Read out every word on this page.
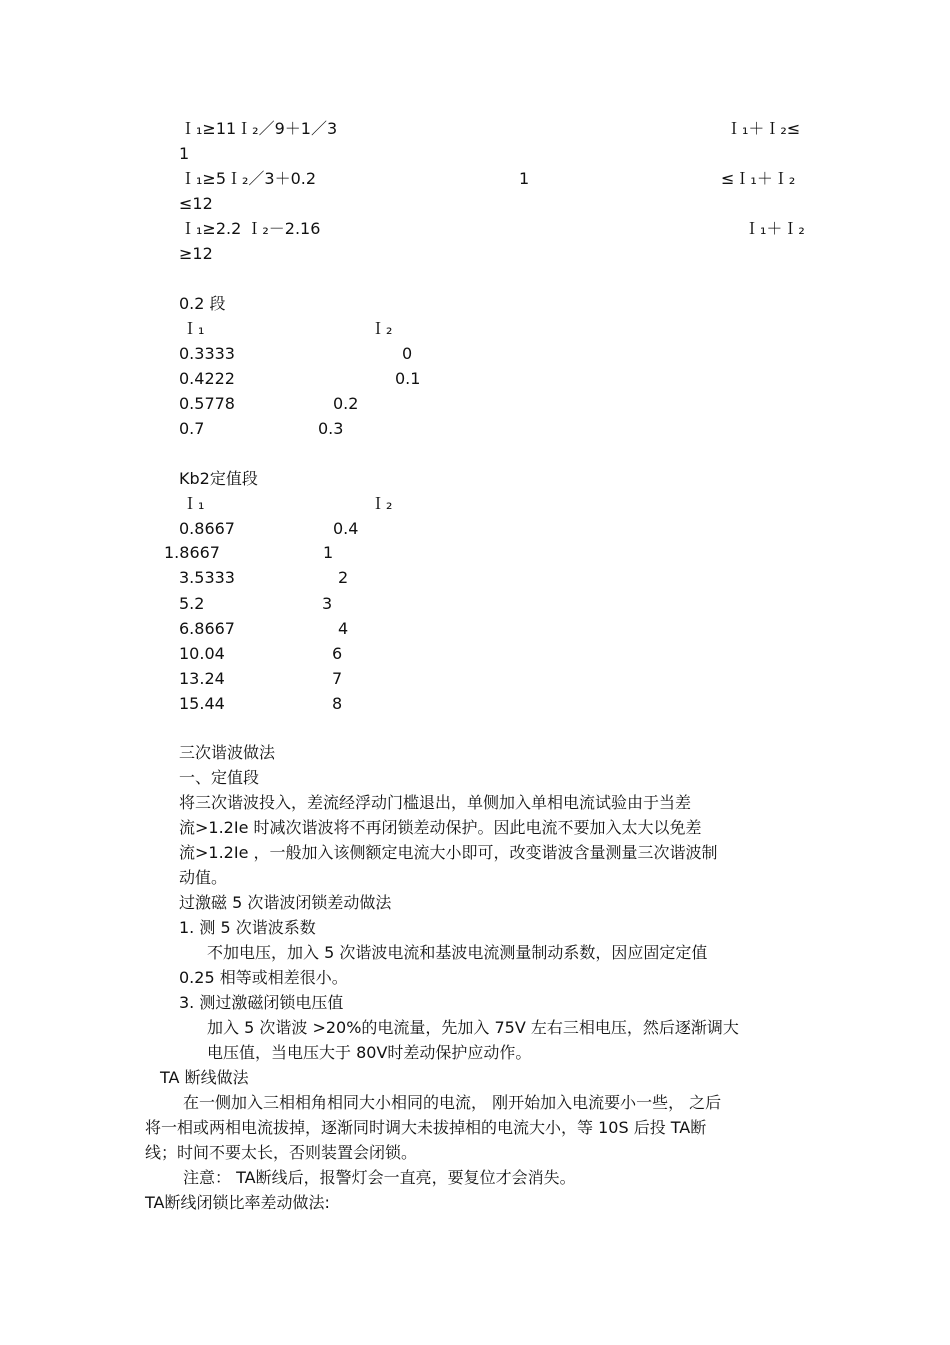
Ｉ₁≥11Ｉ₂／9＋1／3	Ｉ₁＋Ｉ₂≤
1
Ｉ₁≥5Ｉ₂／3＋0.2	1	≤Ｉ₁＋Ｉ₂
≤12
Ｉ₁≥2.2 Ｉ₂－2.16	Ｉ₁＋Ｉ₂
≥12
0.2 段
Ｉ₁	Ｉ₂
0.3333	0
0.4222	0.1
0.5778	0.2
0.7	0.3
Kb2定值段
Ｉ₁	Ｉ₂
0.8667	0.4
1.8667	1
3.5333	2
5.2	3
6.8667	4
10.04	6
13.24	7
15.44	8
三次谐波做法
一、定值段
将三次谐波投入，差流经浮动门槛退出，单侧加入单相电流试验由于当差
流>1.2Ie 时减次谐波将不再闭锁差动保护。因此电流不要加入太大以免差
流>1.2Ie ，一般加入该侧额定电流大小即可，改变谐波含量测量三次谐波制
动值。
过激磁 5 次谐波闭锁差动做法
1. 测 5 次谐波系数
不加电压，加入 5 次谐波电流和基波电流测量制动系数，因应固定定值
0.25 相等或相差很小。
3. 测过激磁闭锁电压值
加入 5 次谐波 >20%的电流量，先加入 75V 左右三相电压，然后逐渐调大
电压值，当电压大于 80V时差动保护应动作。
TA 断线做法
在一侧加入三相相角相同大小相同的电流， 刚开始加入电流要小一些， 之后
将一相或两相电流拔掉，逐渐同时调大未拔掉相的电流大小，等 10S 后投 TA断
线；时间不要太长，否则装置会闭锁。
注意： TA断线后，报警灯会一直亮，要复位才会消失。
TA断线闭锁比率差动做法:
